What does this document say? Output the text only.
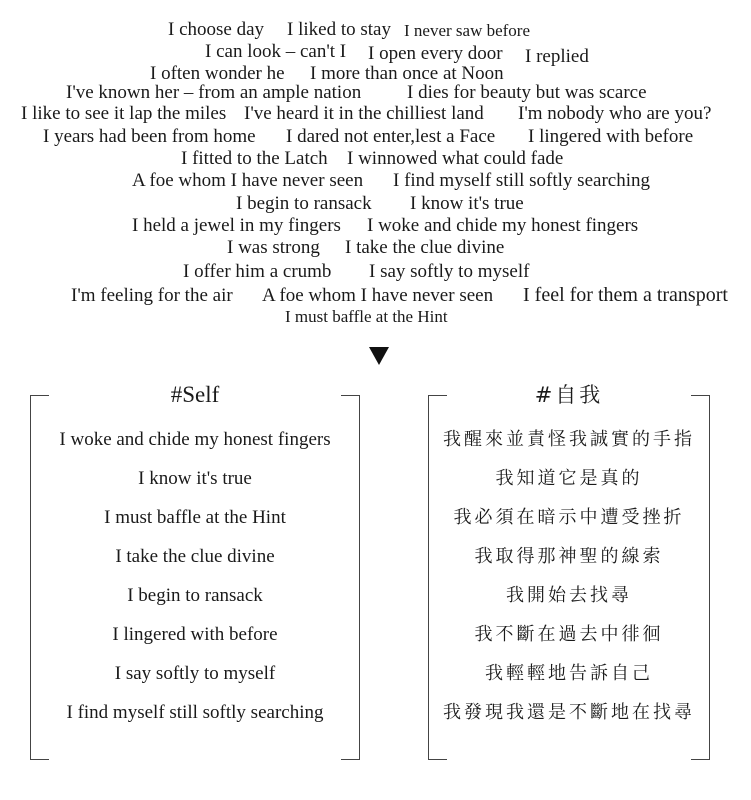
I choose day I liked to stay I never saw before
I can look – can't I I open every door I replied
I often wonder he I more than once at Noon
I've known her – from an ample nation I dies for beauty but was scarce
I like to see it lap the miles I've heard it in the chilliest land I'm nobody who are you?
I years had been from home I dared not enter,lest a Face I lingered with before
I fitted to the Latch I winnowed what could fade
A foe whom I have never seen I find myself still softly searching
I begin to ransack I know it's true
I held a jewel in my fingers I woke and chide my honest fingers
I was strong I take the clue divine
I offer him a crumb I say softly to myself
I'm feeling for the air A foe whom I have never seen I feel for them a transport
I must baffle at the Hint
#Self
I woke and chide my honest fingers
I know it's true
I must baffle at the Hint
I take the clue divine
I begin to ransack
I lingered with before
I say softly to myself
I find myself still softly searching
#自我
我醒來並責怪我誠實的手指
我知道它是真的
我必須在暗示中遭受挫折
我取得那神聖的線索
我開始去找尋
我不斷在過去中徘徊
我輕輕地告訴自己
我發現我還是不斷地在找尋
